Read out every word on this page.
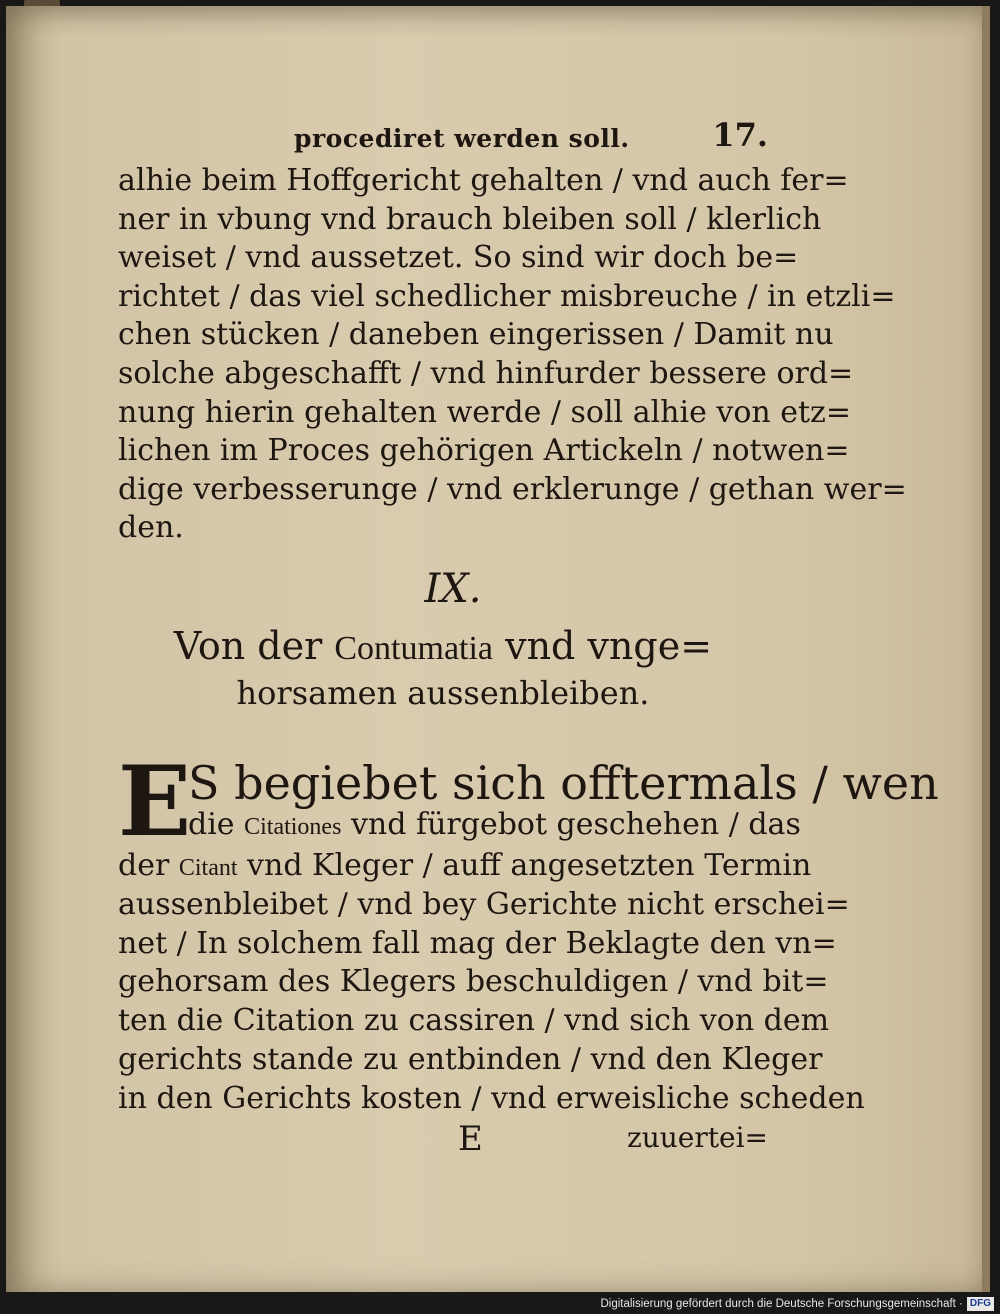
procediret werden soll.	17.
alhie beim Hoffgericht gehalten / vnd auch fer=
ner in vbung vnd brauch bleiben soll / klerlich
weiset / vnd aussetzet. So sind wir doch be=
richtet / das viel schedlicher misbreuche / in etzli=
chen stücken / daneben eingerissen / Damit nu
solche abgeschafft / vnd hinfurder bessere ord=
nung hierin gehalten werde / soll alhie von etz=
lichen im Proces gehörigen Artickeln / notwen=
dige verbesserunge / vnd erklerunge / gethan wer=
den.
IX.
Von der Contumatia vnd vnge=
horsamen aussenbleiben.
E
S begiebet sich offtermals / wen
die Citationes vnd fürgebot geschehen / das
der Citant vnd Kleger / auff angesetzten Termin
aussenbleibet / vnd bey Gerichte nicht erschei=
net / In solchem fall mag der Beklagte den vn=
gehorsam des Klegers beschuldigen / vnd bit=
ten die Citation zu cassiren / vnd sich von dem
gerichts stande zu entbinden / vnd den Kleger
in den Gerichts kosten / vnd erweisliche scheden
E	zuuertei=
Digitalisierung gefördert durch die Deutsche Forschungsgemeinschaft · DFG
